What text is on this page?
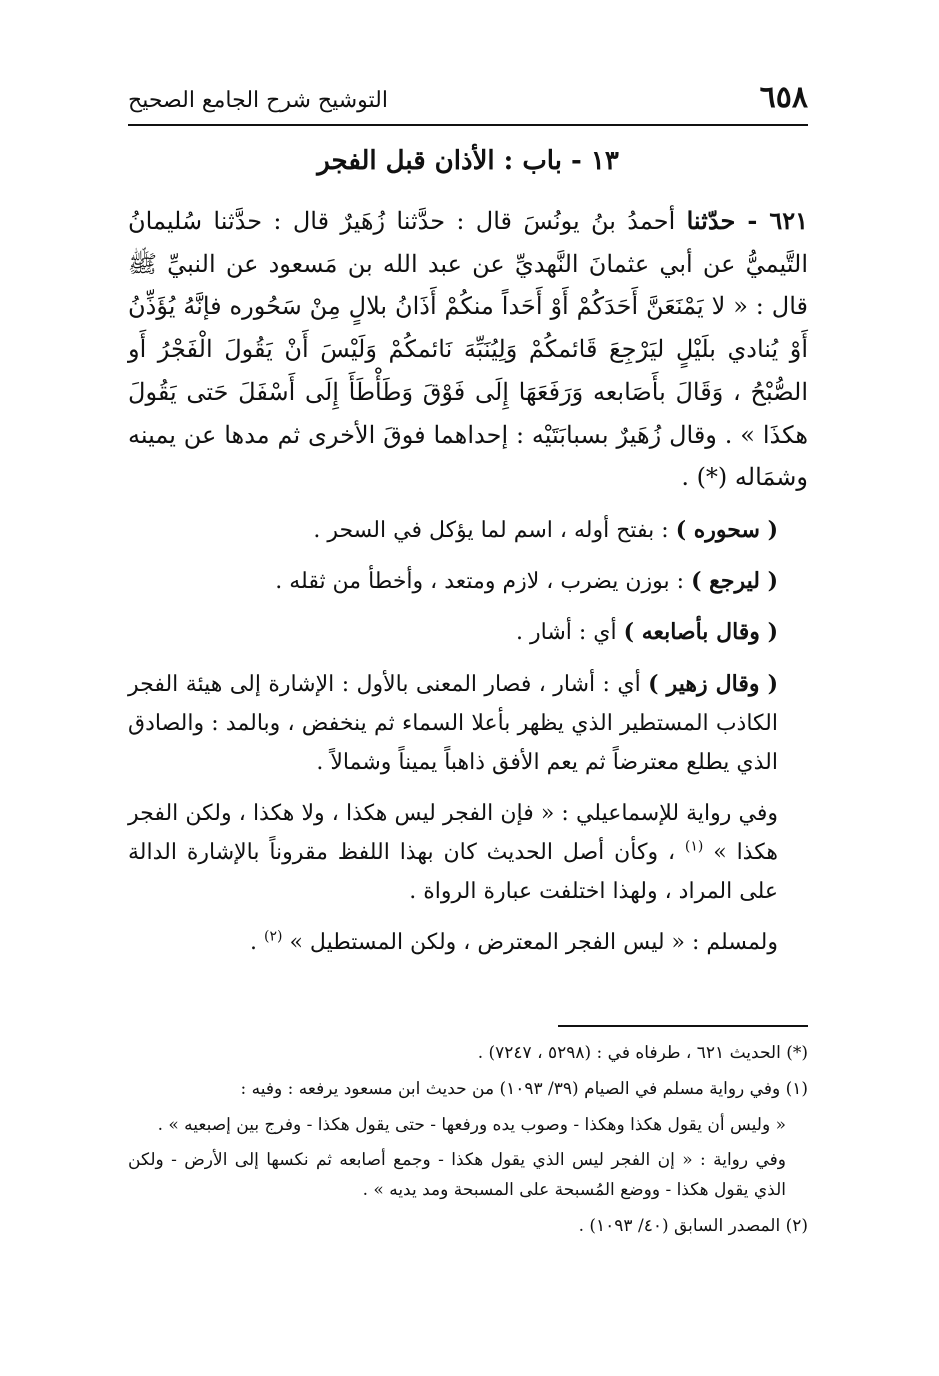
٦٥٨
التوشيح شرح الجامع الصحيح
١٣ - باب : الأذان قبل الفجر

٦٢١ - حدّثنا أحمدُ بنُ يونُسَ قال : حدَّثنا زُهَيرٌ قال : حدَّثنا سُليمانُ التَّيميُّ عن أبي عثمانَ النَّهديِّ عن عبد الله بن مَسعود عن النبيِّ ﷺ قال : « لا يَمْنَعَنَّ أَحَدَكُمْ أَوْ أَحَداً منكُمْ أَذَانُ بلالٍ مِنْ سَحُوره فإنَّهُ يُؤَذِّنُ أَوْ يُنادي بلَيْلٍ ليَرْجِعَ قَائمكُمْ وَلِيُنَبِّهَ نَائمكُمْ وَلَيْسَ أَنْ يَقُولَ الْفَجْرُ أَو الصُّبْحُ ، وَقَالَ بأَصَابعه وَرَفَعَهَا إِلَى فَوْقَ وَطَأْطَأَ إِلَى أَسْفَلَ حَتى يَقُولَ هكذَا » . وقال زُهَيرٌ بسبابَتَيْه : إحداهما فوقَ الأخرى ثم مدها عن يمينه وشمَاله (*) .

( سحوره ) : بفتح أوله ، اسم لما يؤكل في السحر .

( ليرجع ) : بوزن يضرب ، لازم ومتعد ، وأخطأ من ثقله .

( وقال بأصابعه ) أي : أشار .

( وقال زهير ) أي : أشار ، فصار المعنى بالأول : الإشارة إلى هيئة الفجر الكاذب المستطير الذي يظهر بأعلا السماء ثم ينخفض ، وبالمد : والصادق الذي يطلع معترضاً ثم يعم الأفق ذاهباً يميناً وشمالاً .

وفي رواية للإسماعيلي : « فإن الفجر ليس هكذا ، ولا هكذا ، ولكن الفجر هكذا » $^{(١)}$ ، وكأن أصل الحديث كان بهذا اللفظ مقروناً بالإشارة الدالة على المراد ، ولهذا اختلفت عبارة الرواة .

ولمسلم : « ليس الفجر المعترض ، ولكن المستطيل » $^{(٢)}$ .

(*) الحديث ٦٢١ ، طرفاه في : (٥٢٩٨ ، ٧٢٤٧) .

(١) وفي رواية مسلم في الصيام (٣٩/ ١٠٩٣) من حديث ابن مسعود يرفعه : وفيه :

« وليس أن يقول هكذا وهكذا - وصوب يده ورفعها - حتى يقول هكذا - وفرج بين إصبعيه » .

وفي رواية : « إن الفجر ليس الذي يقول هكذا - وجمع أصابعه ثم نكسها إلى الأرض - ولكن الذي يقول هكذا - ووضع المُسبحة على المسبحة ومد يديه » .

(٢) المصدر السابق (٤٠/ ١٠٩٣) .
